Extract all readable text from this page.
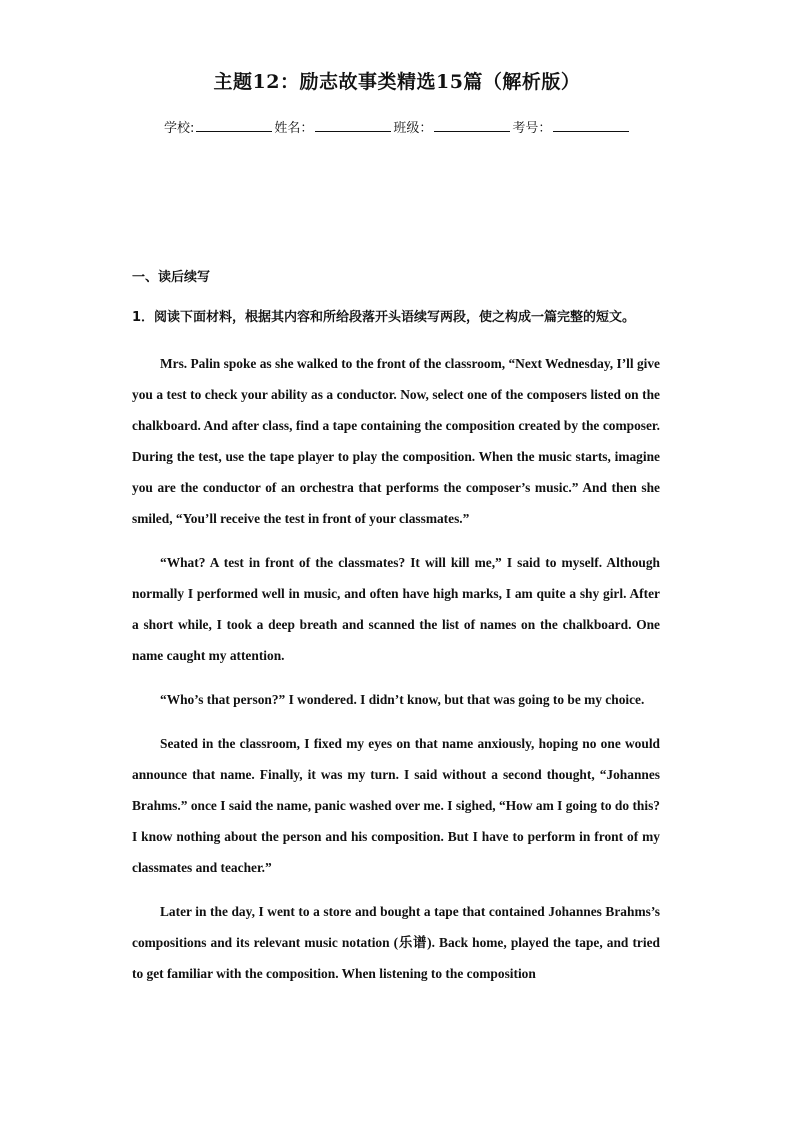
主题12：励志故事类精选15篇（解析版）
学校:	姓名：	班级：	考号：
一、读后续写
1．阅读下面材料，根据其内容和所给段落开头语续写两段，使之构成一篇完整的短文。

Mrs. Palin spoke as she walked to the front of the classroom, “Next Wednesday, I’ll give you a test to check your ability as a conductor. Now, select one of the composers listed on the chalkboard. And after class, find a tape containing the composition created by the composer. During the test, use the tape player to play the composition. When the music starts, imagine you are the conductor of an orchestra that performs the composer’s music.” And then she smiled, “You’ll receive the test in front of your classmates.”

“What? A test in front of the classmates? It will kill me,” I said to myself. Although normally I performed well in music, and often have high marks, I am quite a shy girl. After a short while, I took a deep breath and scanned the list of names on the chalkboard. One name caught my attention.

“Who’s that person?” I wondered. I didn’t know, but that was going to be my choice.

Seated in the classroom, I fixed my eyes on that name anxiously, hoping no one would announce that name. Finally, it was my turn. I said without a second thought, “Johannes Brahms.” once I said the name, panic washed over me. I sighed, “How am I going to do this? I know nothing about the person and his composition. But I have to perform in front of my classmates and teacher.”

Later in the day, I went to a store and bought a tape that contained Johannes Brahms’s compositions and its relevant music notation (乐谱). Back home, played the tape, and tried to get familiar with the composition. When listening to the composition
